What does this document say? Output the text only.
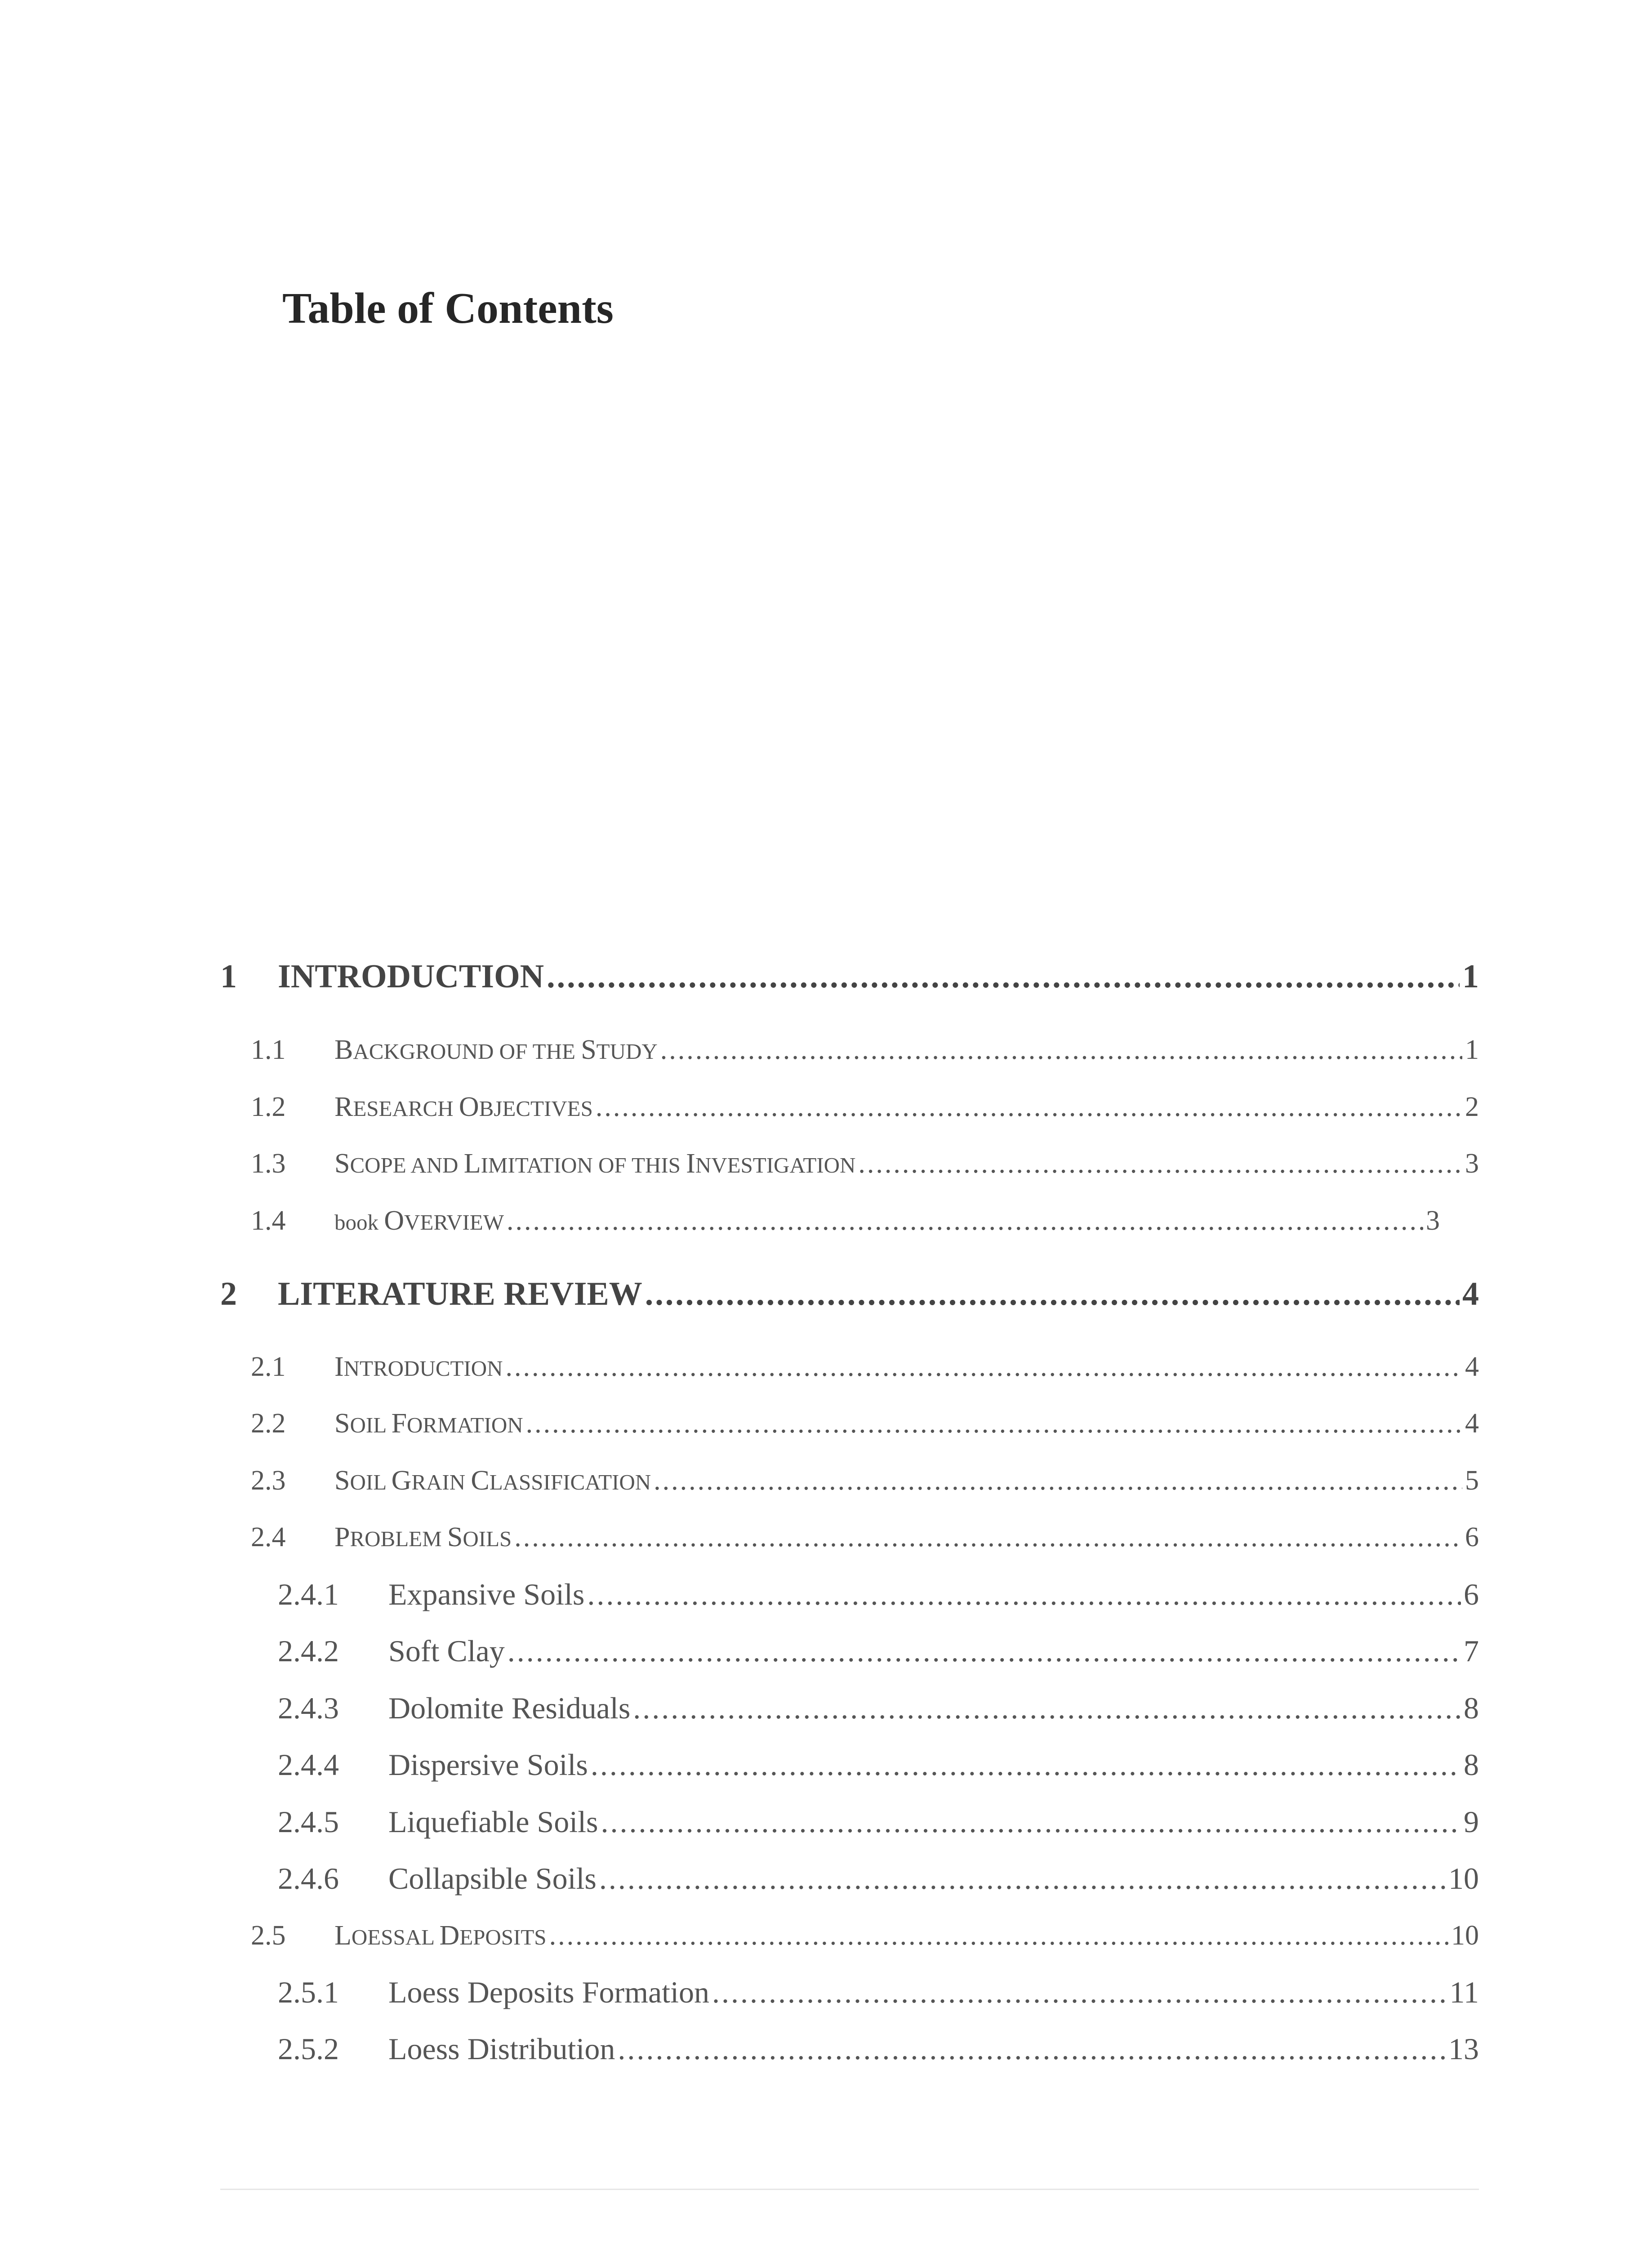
Table of Contents
1 INTRODUCTION .....	1
1.1 BACKGROUND OF THE STUDY .....	1
1.2 RESEARCH OBJECTIVES .....	2
1.3 SCOPE AND LIMITATION OF THIS INVESTIGATION .....	3
1.4 book OVERVIEW .....	3
2 LITERATURE REVIEW .....	4
2.1 INTRODUCTION .....	4
2.2 SOIL FORMATION .....	4
2.3 SOIL GRAIN CLASSIFICATION .....	5
2.4 PROBLEM SOILS .....	6
2.4.1 Expansive Soils .....	6
2.4.2 Soft Clay .....	7
2.4.3 Dolomite Residuals .....	8
2.4.4 Dispersive Soils .....	8
2.4.5 Liquefiable Soils .....	9
2.4.6 Collapsible Soils .....	10
2.5 LOESSAL DEPOSITS .....	10
2.5.1 Loess Deposits Formation .....	11
2.5.2 Loess Distribution .....	13
